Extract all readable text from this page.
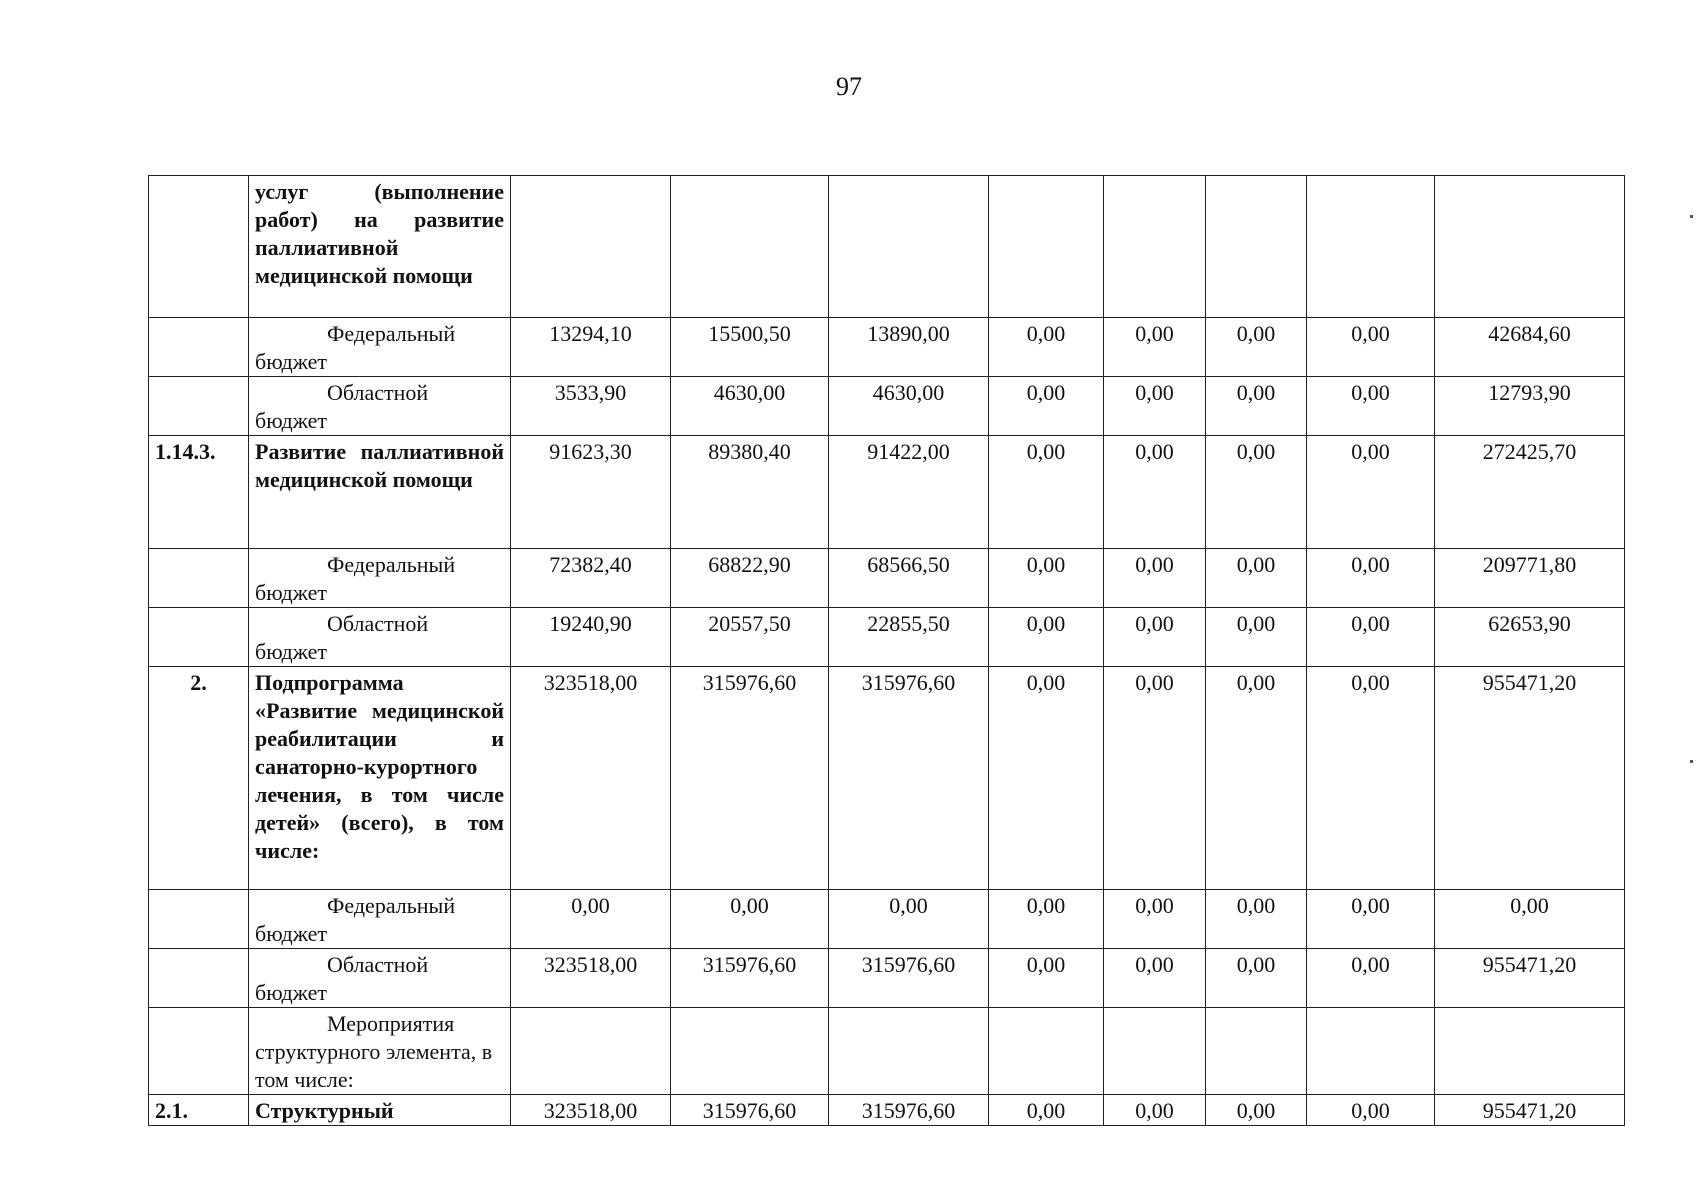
97

	услуг (выполнение работ) на развитие паллиативной медицинской помощи								

	Федеральный бюджет	13294,10	15500,50	13890,00	0,00	0,00	0,00	0,00	42684,60

	Областной бюджет	3533,90	4630,00	4630,00	0,00	0,00	0,00	0,00	12793,90
1.14.3.	Развитие паллиативной медицинской помощи	91623,30	89380,40	91422,00	0,00	0,00	0,00	0,00	272425,70

	Федеральный бюджет	72382,40	68822,90	68566,50	0,00	0,00	0,00	0,00	209771,80

	Областной бюджет	19240,90	20557,50	22855,50	0,00	0,00	0,00	0,00	62653,90
2.	Подпрограмма «Развитие медицинской реабилитации и санаторно-курортного лечения, в том числе детей» (всего), в том числе:	323518,00	315976,60	315976,60	0,00	0,00	0,00	0,00	955471,20

	Федеральный бюджет	0,00	0,00	0,00	0,00	0,00	0,00	0,00	0,00

	Областной бюджет	323518,00	315976,60	315976,60	0,00	0,00	0,00	0,00	955471,20

	Мероприятия структурного элемента, в том числе:								

2.1.	Структурный	323518,00	315976,60	315976,60	0,00	0,00	0,00	0,00	955471,20
